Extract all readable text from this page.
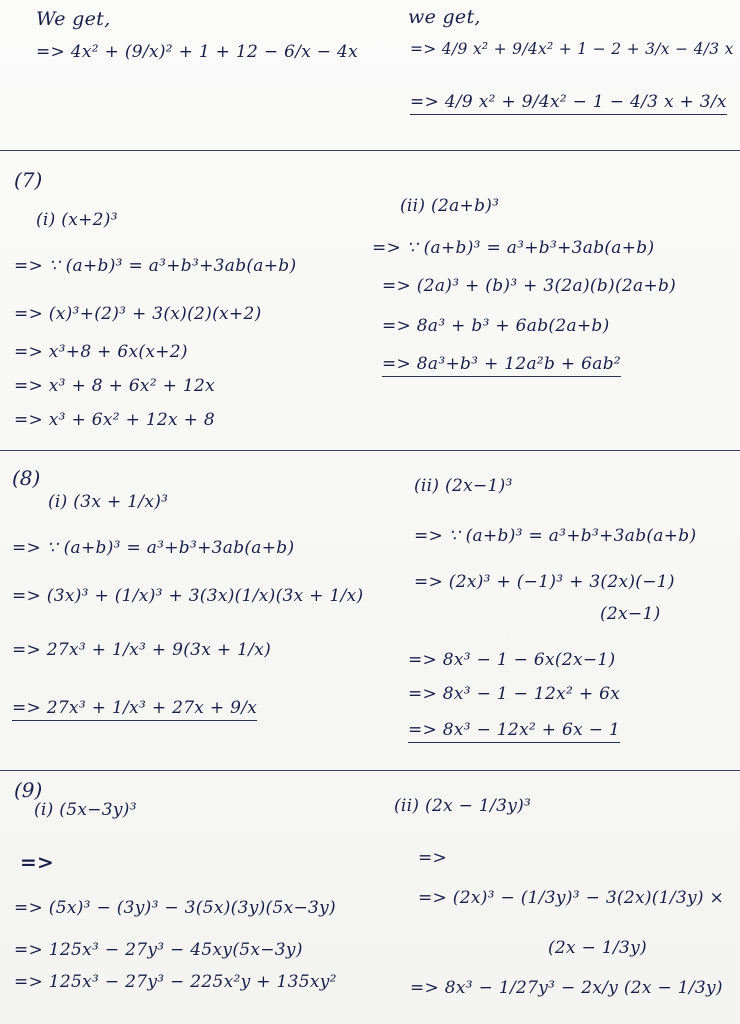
We get,
=> 4x² + (9/x)² + 1 + 12 − 6/x − 4x
we get,
=> 4/9 x² + 9/4x² + 1 − 2 + 3/x − 4/3 x
=> 4/9 x² + 9/4x² − 1 − 4/3 x + 3/x
(7)
(i) (x+2)³
=> ∵ (a+b)³ = a³+b³+3ab(a+b)
=> (x)³+(2)³ + 3(x)(2)(x+2)
=> x³+8 + 6x(x+2)
=> x³ + 8 + 6x² + 12x
=> x³ + 6x² + 12x + 8
(ii) (2a+b)³
=> ∵ (a+b)³ = a³+b³+3ab(a+b)
=> (2a)³ + (b)³ + 3(2a)(b)(2a+b)
=> 8a³ + b³ + 6ab(2a+b)
=> 8a³+b³ + 12a²b + 6ab²
(8)
(i) (3x + 1/x)³
=> ∵ (a+b)³ = a³+b³+3ab(a+b)
=> (3x)³ + (1/x)³ + 3(3x)(1/x)(3x + 1/x)
=> 27x³ + 1/x³ + 9(3x + 1/x)
=> 27x³ + 1/x³ + 27x + 9/x
(ii) (2x−1)³
=> ∵ (a+b)³ = a³+b³+3ab(a+b)
=> (2x)³ + (−1)³ + 3(2x)(−1)
(2x−1)
=> 8x³ − 1 − 6x(2x−1)
=> 8x³ − 1 − 12x² + 6x
=> 8x³ − 12x² + 6x − 1
(9)
(i) (5x−3y)³
=>
=> (5x)³ − (3y)³ − 3(5x)(3y)(5x−3y)
=> 125x³ − 27y³ − 45xy(5x−3y)
=> 125x³ − 27y³ − 225x²y + 135xy²
(ii) (2x − 1/3y)³
=>
=> (2x)³ − (1/3y)³ − 3(2x)(1/3y) ×
(2x − 1/3y)
=> 8x³ − 1/27y³ − 2x/y (2x − 1/3y)
